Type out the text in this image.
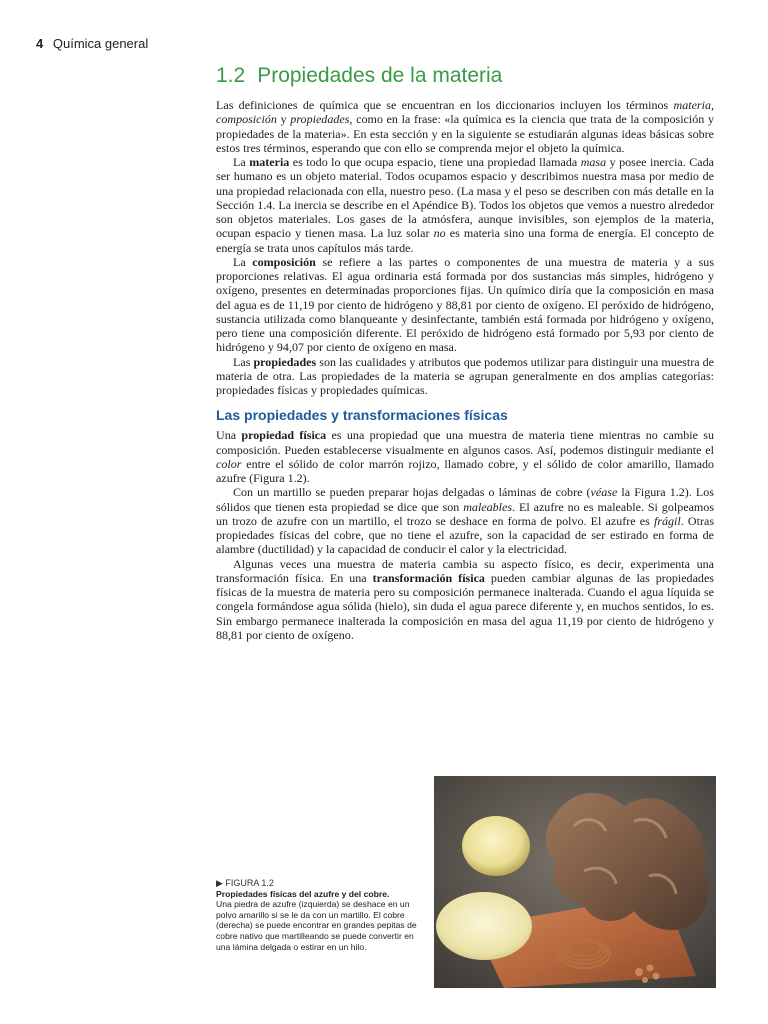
4 Química general
1.2 Propiedades de la materia

Las definiciones de química que se encuentran en los diccionarios incluyen los términos materia, composición y propiedades, como en la frase: «la química es la ciencia que trata de la composición y propiedades de la materia». En esta sección y en la siguiente se estudiarán algunas ideas básicas sobre estos tres términos, esperando que con ello se comprenda mejor el objeto la química.

La materia es todo lo que ocupa espacio, tiene una propiedad llamada masa y posee inercia. Cada ser humano es un objeto material. Todos ocupamos espacio y describimos nuestra masa por medio de una propiedad relacionada con ella, nuestro peso. (La masa y el peso se describen con más detalle en la Sección 1.4. La inercia se describe en el Apéndice B). Todos los objetos que vemos a nuestro alrededor son objetos materiales. Los gases de la atmósfera, aunque invisibles, son ejemplos de la materia, ocupan espacio y tienen masa. La luz solar no es materia sino una forma de energía. El concepto de energía se trata unos capítulos más tarde.

La composición se refiere a las partes o componentes de una muestra de materia y a sus proporciones relativas. El agua ordinaria está formada por dos sustancias más simples, hidrógeno y oxígeno, presentes en determinadas proporciones fijas. Un químico diría que la composición en masa del agua es de 11,19 por ciento de hidrógeno y 88,81 por ciento de oxígeno. El peróxido de hidrógeno, sustancia utilizada como blanqueante y desinfectante, también está formada por hidrógeno y oxígeno, pero tiene una composición diferente. El peróxido de hidrógeno está formado por 5,93 por ciento de hidrógeno y 94,07 por ciento de oxígeno en masa.

Las propiedades son las cualidades y atributos que podemos utilizar para distinguir una muestra de materia de otra. Las propiedades de la materia se agrupan generalmente en dos amplias categorías: propiedades físicas y propiedades químicas.

Las propiedades y transformaciones físicas

Una propiedad física es una propiedad que una muestra de materia tiene mientras no cambie su composición. Pueden establecerse visualmente en algunos casos. Así, podemos distinguir mediante el color entre el sólido de color marrón rojizo, llamado cobre, y el sólido de color amarillo, llamado azufre (Figura 1.2).

Con un martillo se pueden preparar hojas delgadas o láminas de cobre (véase la Figura 1.2). Los sólidos que tienen esta propiedad se dice que son maleables. El azufre no es maleable. Si golpeamos un trozo de azufre con un martillo, el trozo se deshace en forma de polvo. El azufre es frágil. Otras propiedades físicas del cobre, que no tiene el azufre, son la capacidad de ser estirado en forma de alambre (ductilidad) y la capacidad de conducir el calor y la electricidad.

Algunas veces una muestra de materia cambia su aspecto físico, es decir, experimenta una transformación física. En una transformación física pueden cambiar algunas de las propiedades físicas de la muestra de materia pero su composición permanece inalterada. Cuando el agua líquida se congela formándose agua sólida (hielo), sin duda el agua parece diferente y, en muchos sentidos, lo es. Sin embargo permanece inalterada la composición en masa del agua 11,19 por ciento de hidrógeno y 88,81 por ciento de oxígeno.

▶ FIGURA 1.2
Propiedades físicas del azufre y del cobre.

Una piedra de azufre (izquierda) se deshace en un polvo amarillo si se le da con un martillo. El cobre (derecha) se puede encontrar en grandes pepitas de cobre nativo que martilleando se puede convertir en una lámina delgada o estirar en un hilo.
